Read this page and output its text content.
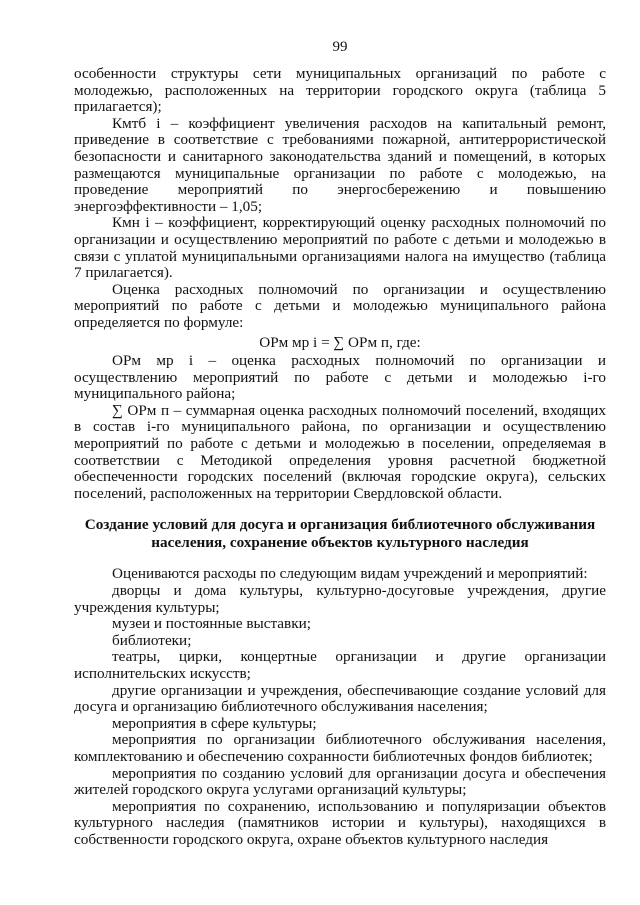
99

особенности структуры сети муниципальных организаций по работе с молодежью, расположенных на территории городского округа (таблица 5 прилагается);

Кмтб i – коэффициент увеличения расходов на капитальный ремонт, приведение в соответствие с требованиями пожарной, антитеррористической безопасности и санитарного законодательства зданий и помещений, в которых размещаются муниципальные организации по работе с молодежью, на проведение мероприятий по энергосбережению и повышению энергоэффективности – 1,05;

Кмн i – коэффициент, корректирующий оценку расходных полномочий по организации и осуществлению мероприятий по работе с детьми и молодежью в связи с уплатой муниципальными организациями налога на имущество (таблица 7 прилагается).

Оценка расходных полномочий по организации и осуществлению мероприятий по работе с детьми и молодежью муниципального района определяется по формуле:

ОРм мр i = ∑ ОРм п, где:

ОРм мр i – оценка расходных полномочий по организации и осуществлению мероприятий по работе с детьми и молодежью i-го муниципального района;

∑ ОРм п – суммарная оценка расходных полномочий поселений, входящих в состав i-го муниципального района, по организации и осуществлению мероприятий по работе с детьми и молодежью в поселении, определяемая в соответствии с Методикой определения уровня расчетной бюджетной обеспеченности городских поселений (включая городские округа), сельских поселений, расположенных на территории Свердловской области.

Создание условий для досуга и организация библиотечного обслуживания населения, сохранение объектов культурного наследия

Оцениваются расходы по следующим видам учреждений и мероприятий:

дворцы и дома культуры, культурно-досуговые учреждения, другие учреждения культуры;

музеи и постоянные выставки;

библиотеки;

театры, цирки, концертные организации и другие организации исполнительских искусств;

другие организации и учреждения, обеспечивающие создание условий для досуга и организацию библиотечного обслуживания населения;

мероприятия в сфере культуры;

мероприятия по организации библиотечного обслуживания населения, комплектованию и обеспечению сохранности библиотечных фондов библиотек;

мероприятия по созданию условий для организации досуга и обеспечения жителей городского округа услугами организаций культуры;

мероприятия по сохранению, использованию и популяризации объектов культурного наследия (памятников истории и культуры), находящихся в собственности городского округа, охране объектов культурного наследия
